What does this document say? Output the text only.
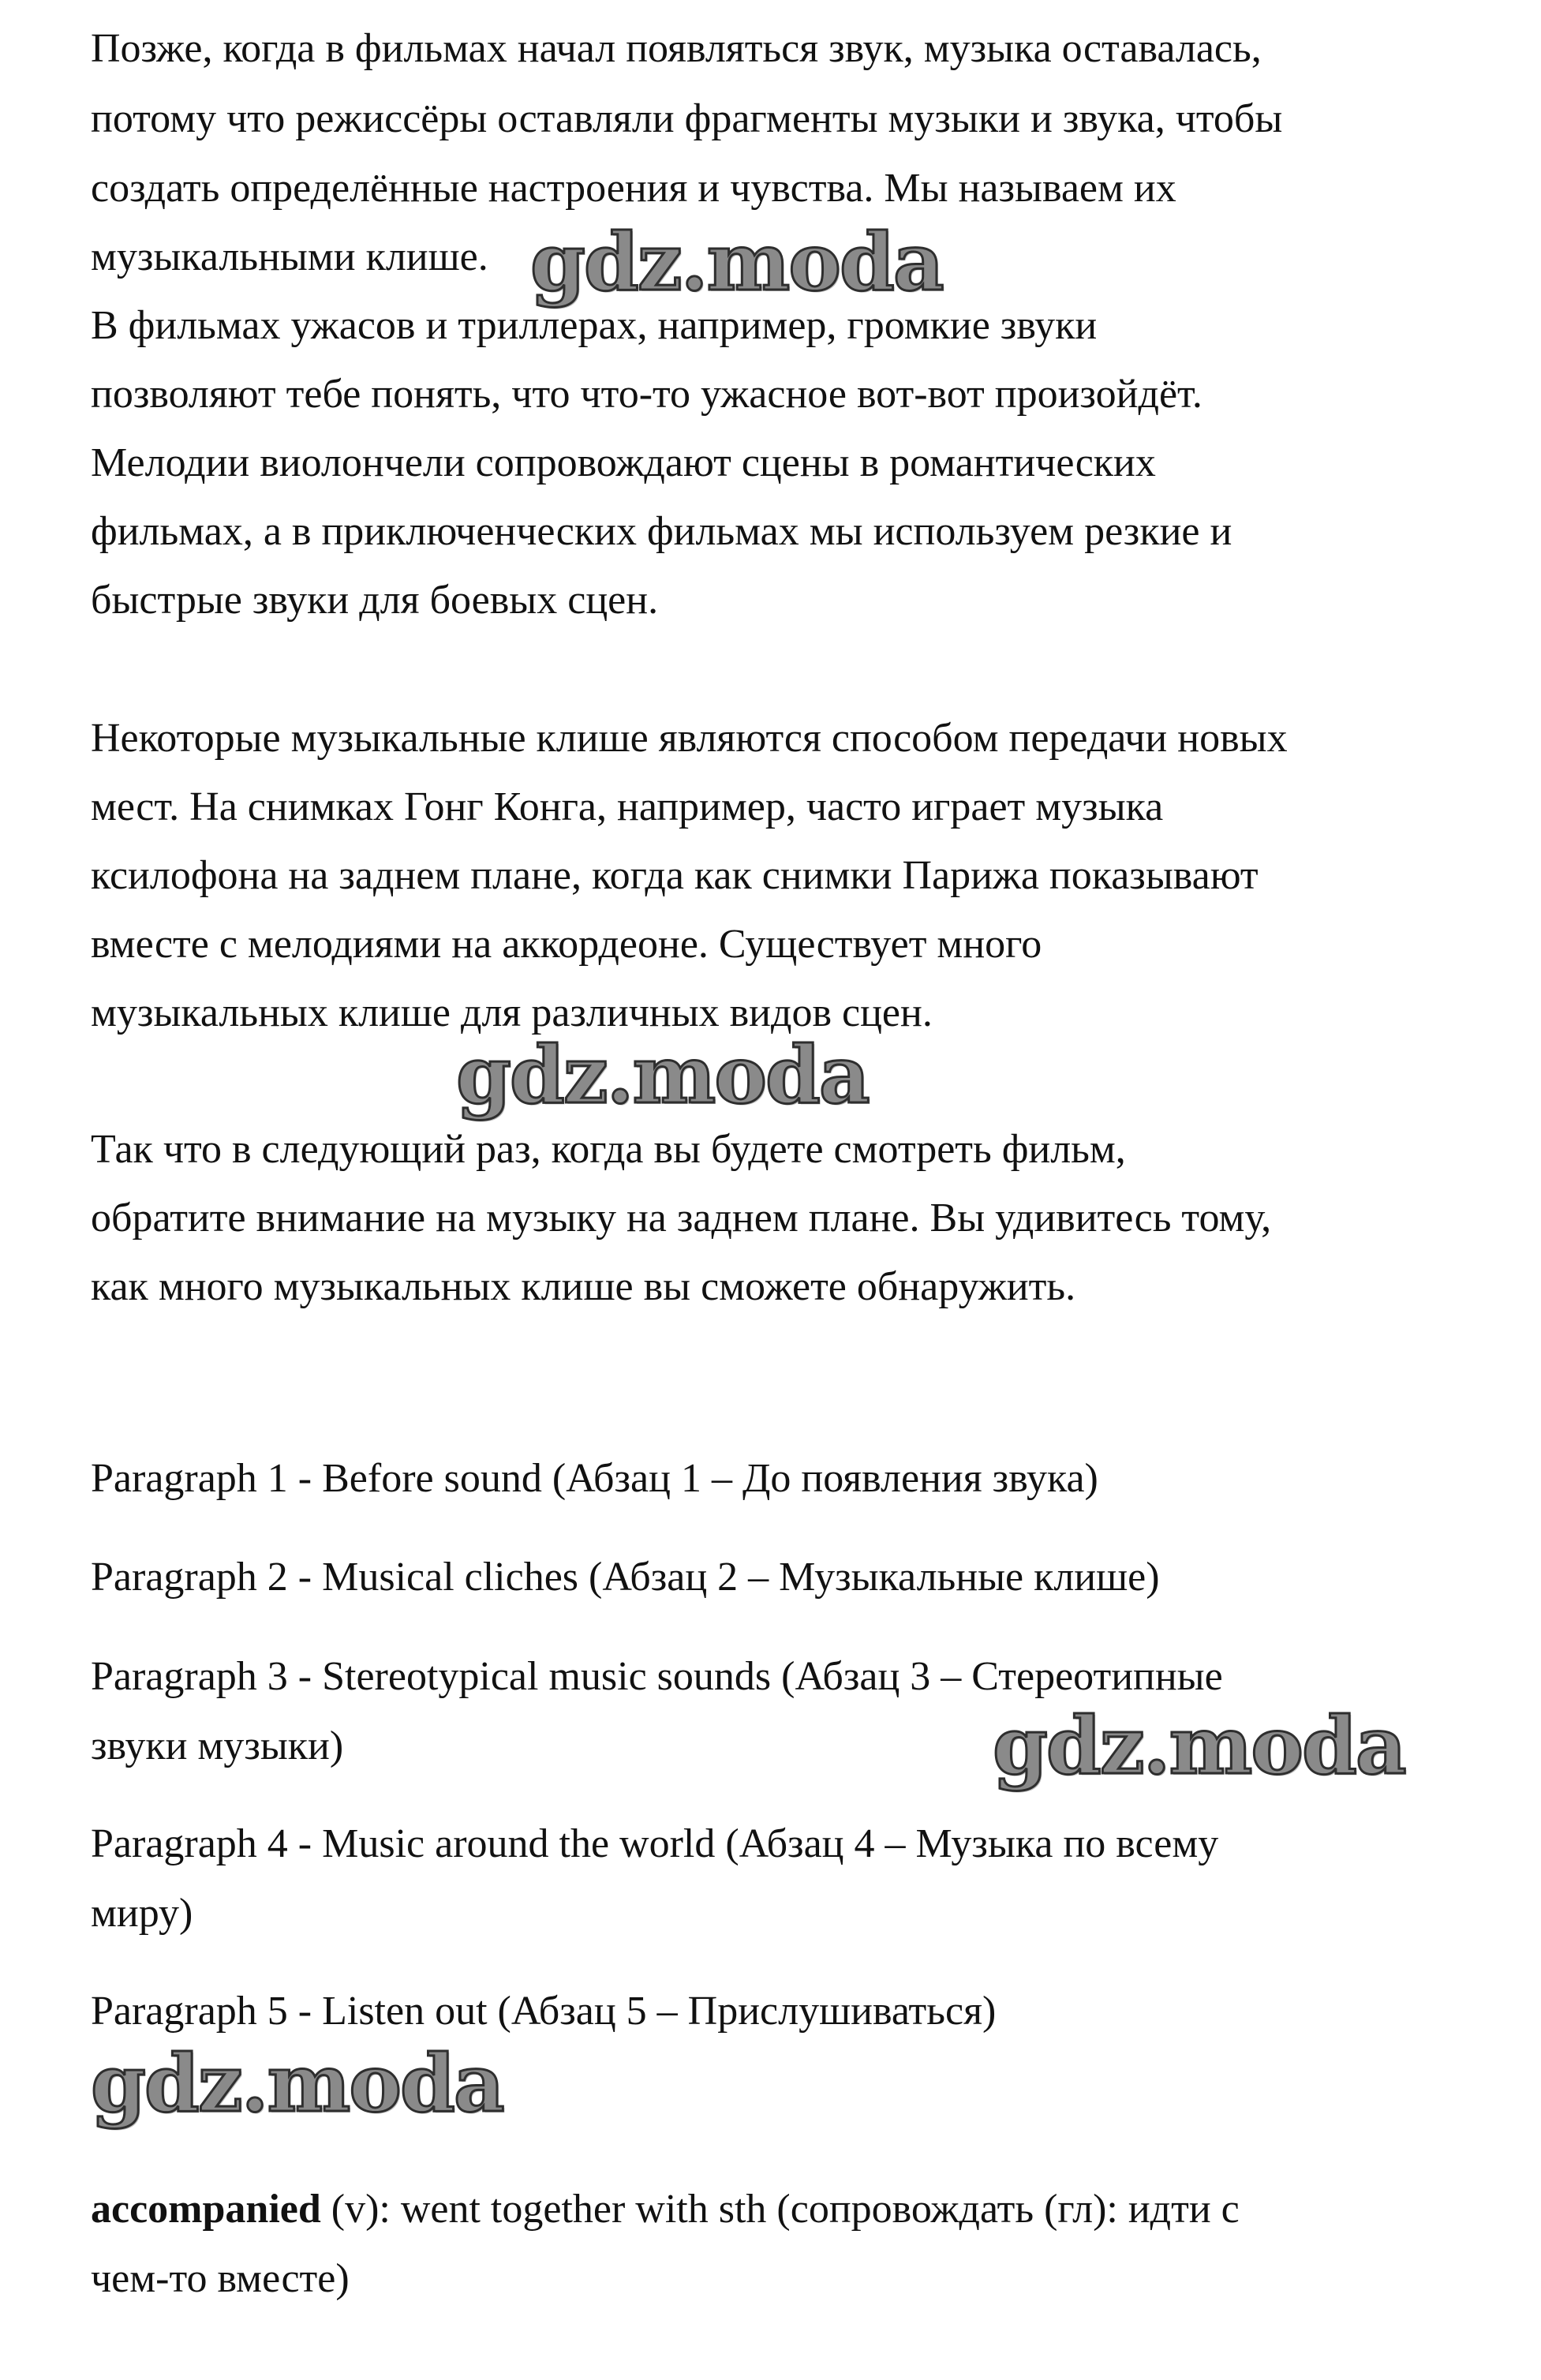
Позже, когда в фильмах начал появляться звук, музыка оставалась,
потому что режиссёры оставляли фрагменты музыки и звука, чтобы
создать определённые настроения и чувства. Мы называем их
музыкальными клише.
В фильмах ужасов и триллерах, например, громкие звуки
позволяют тебе понять, что что-то ужасное вот-вот произойдёт.
Мелодии виолончели сопровождают сцены в романтических
фильмах, а в приключенческих фильмах мы используем резкие и
быстрые звуки для боевых сцен.
Некоторые музыкальные клише являются способом передачи новых
мест. На снимках Гонг Конга, например, часто играет музыка
ксилофона на заднем плане, когда как снимки Парижа показывают
вместе с мелодиями на аккордеоне. Существует много
музыкальных клише для различных видов сцен.
Так что в следующий раз, когда вы будете смотреть фильм,
обратите внимание на музыку на заднем плане. Вы удивитесь тому,
как много музыкальных клише вы сможете обнаружить.
Paragraph 1 - Before sound (Абзац 1 – До появления звука)
Paragraph 2 - Musical cliches (Абзац 2 – Музыкальные клише)
Paragraph 3 - Stereotypical music sounds (Абзац 3 – Стереотипные
звуки музыки)
Paragraph 4 - Music around the world (Абзац 4 – Музыка по всему
миру)
Paragraph 5 - Listen out (Абзац 5 – Прислушиваться)
accompanied (v): went together with sth (сопровождать (гл): идти с
чем-то вместе)
gdz.moda
gdz.moda
gdz.moda
gdz.moda
